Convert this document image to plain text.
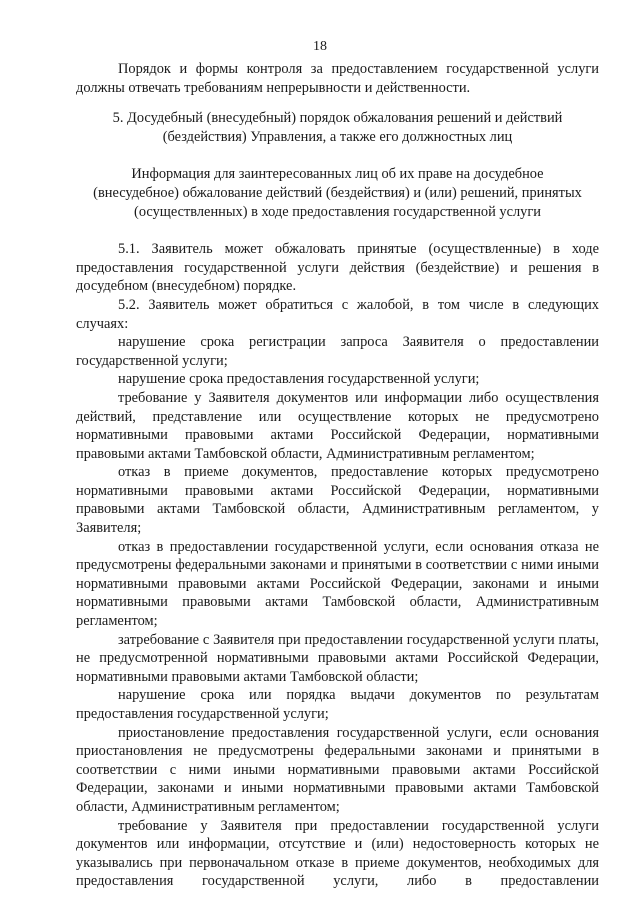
18

Порядок и формы контроля за предоставлением государственной услуги должны отвечать требованиям непрерывности и действенности.

5. Досудебный (внесудебный) порядок обжалования решений и действий
(бездействия) Управления, а также его должностных лиц
Информация для заинтересованных лиц об их праве на досудебное
(внесудебное) обжалование действий (бездействия) и (или) решений, принятых
(осуществленных) в ходе предоставления государственной услуги

5.1. Заявитель может обжаловать принятые (осуществленные) в ходе предоставления государственной услуги действия (бездействие) и решения в досудебном (внесудебном) порядке.

5.2. Заявитель может обратиться с жалобой, в том числе в следующих случаях:

нарушение срока регистрации запроса Заявителя о предоставлении государственной услуги;

нарушение срока предоставления государственной услуги;

требование у Заявителя документов или информации либо осуществления действий, представление или осуществление которых не предусмотрено нормативными правовыми актами Российской Федерации, нормативными правовыми актами Тамбовской области, Административным регламентом;

отказ в приеме документов, предоставление которых предусмотрено нормативными правовыми актами Российской Федерации, нормативными правовыми актами Тамбовской области, Административным регламентом, у Заявителя;

отказ в предоставлении государственной услуги, если основания отказа не предусмотрены федеральными законами и принятыми в соответствии с ними иными нормативными правовыми актами Российской Федерации, законами и иными нормативными правовыми актами Тамбовской области, Административным регламентом;

затребование с Заявителя при предоставлении государственной услуги платы, не предусмотренной нормативными правовыми актами Российской Федерации, нормативными правовыми актами Тамбовской области;

нарушение срока или порядка выдачи документов по результатам предоставления государственной услуги;

приостановление предоставления государственной услуги, если основания приостановления не предусмотрены федеральными законами и принятыми в соответствии с ними иными нормативными правовыми актами Российской Федерации, законами и иными нормативными правовыми актами Тамбовской области, Административным регламентом;

требование у Заявителя при предоставлении государственной услуги документов или информации, отсутствие и (или) недостоверность которых не указывались при первоначальном отказе в приеме документов, необходимых для предоставления государственной услуги, либо в предоставлении
